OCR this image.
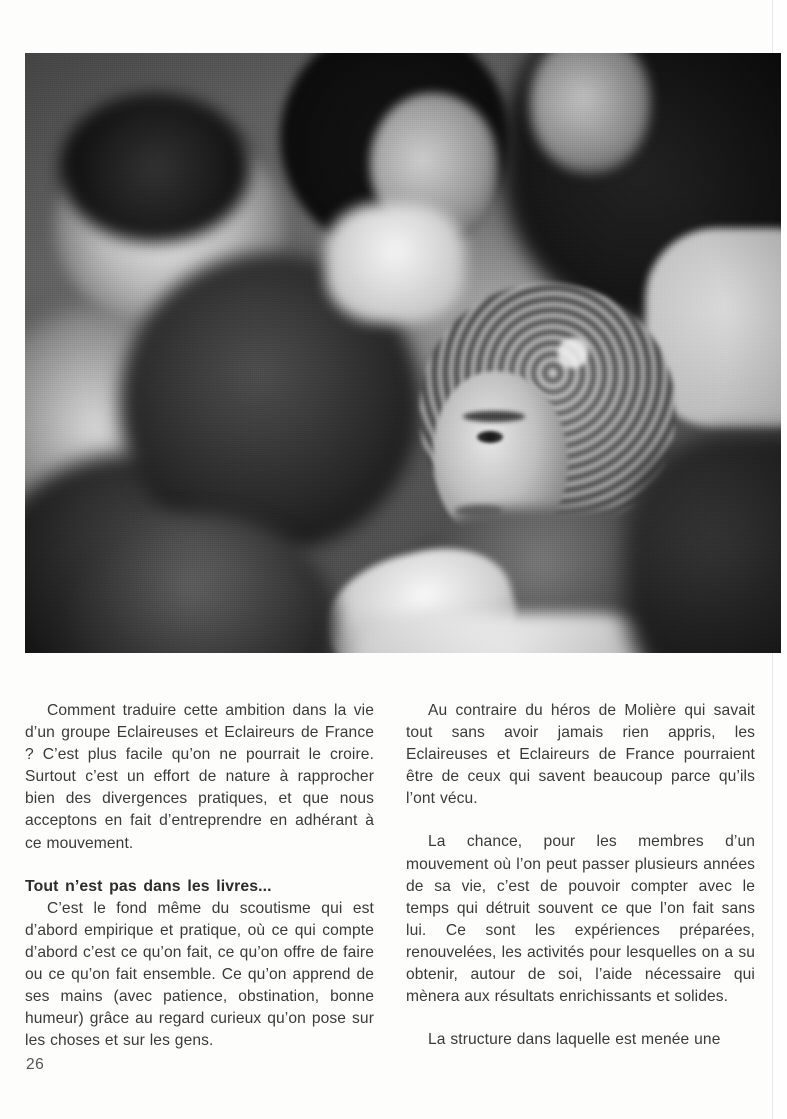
Comment traduire cette ambition dans la vie d’un groupe Eclaireuses et Eclaireurs de France ? C’est plus facile qu’on ne pourrait le croire. Surtout c’est un effort de nature à rapprocher bien des divergences pratiques, et que nous acceptons en fait d’entreprendre en adhérant à ce mouvement.

Tout n’est pas dans les livres...

C’est le fond même du scoutisme qui est d’abord empirique et pratique, où ce qui compte d’abord c’est ce qu’on fait, ce qu’on offre de faire ou ce qu’on fait ensemble. Ce qu’on apprend de ses mains (avec patience, obstination, bonne humeur) grâce au regard curieux qu’on pose sur les choses et sur les gens.

Au contraire du héros de Molière qui savait tout sans avoir jamais rien appris, les Eclaireuses et Eclaireurs de France pourraient être de ceux qui savent beaucoup parce qu’ils l’ont vécu.

La chance, pour les membres d’un mouvement où l’on peut passer plusieurs années de sa vie, c’est de pouvoir compter avec le temps qui détruit souvent ce que l’on fait sans lui. Ce sont les expériences préparées, renouvelées, les activités pour lesquelles on a su obtenir, autour de soi, l’aide nécessaire qui mènera aux résultats enrichissants et solides.

La structure dans laquelle est menée une

26
